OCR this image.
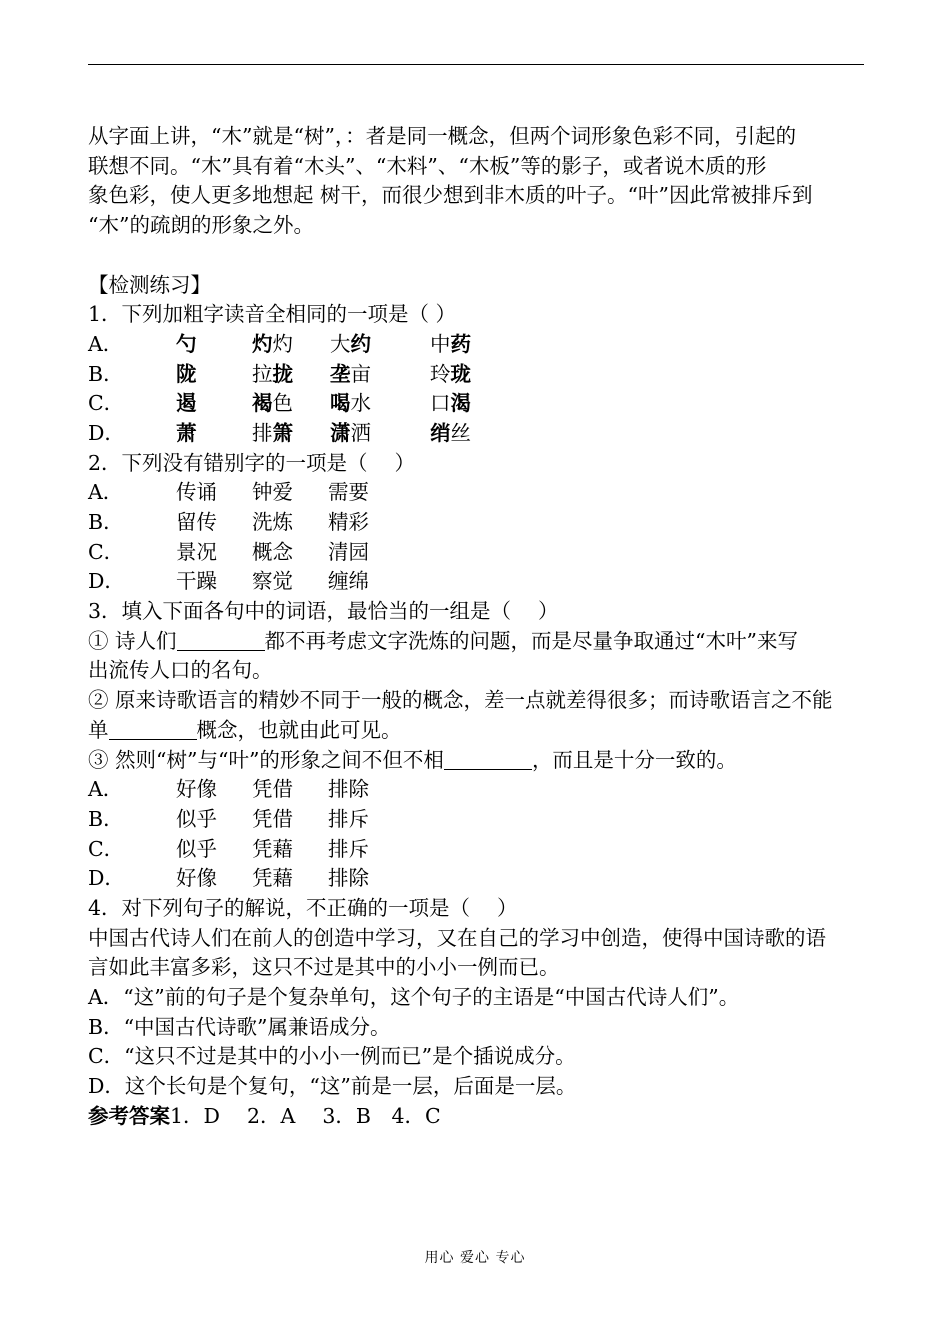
从字面上讲，“木”就是“树”，：者是同一概念，但两个词形象色彩不同，引起的
联想不同。“木”具有着“木头”、“木料”、“木板”等的影子，或者说木质的形
象色彩，使人更多地想起 树干，而很少想到非木质的叶子。“叶”因此常被排斥到
“木”的疏朗的形象之外。
【检测练习】
1．下列加粗字读音全相同的一项是（ ）
A．	勺	灼灼 大约	中药
B．	陇	拉拢 垄亩	玲珑
C．	遏	褐色 喝水	口渴
D． 萧	排箫 潇洒	绡丝
2．下列没有错别字的一项是（　 ）
A．	传诵 钟爱 需要
B．	留传 洗炼 精彩
C．	景况 概念 清园
D． 干躁 察觉 缠绵
3．填入下面各句中的词语，最恰当的一组是（　 ）
① 诗人们	都不再考虑文字洗炼的问题，而是尽量争取通过“木叶”来写
出流传人口的名句。
② 原来诗歌语言的精妙不同于一般的概念，差一点就差得很多；而诗歌语言之不能
单	概念，也就由此可见。
③ 然则“树”与“叶”的形象之间不但不相	，而且是十分一致的。
A．	好像 凭借 排除
B．	似乎 凭借 排斥
C．	似乎 凭藉 排斥
D． 好像 凭藉 排除
4．对下列句子的解说，不正确的一项是（　 ）
中国古代诗人们在前人的创造中学习，又在自己的学习中创造，使得中国诗歌的语
言如此丰富多彩，这只不过是其中的小小一例而已。
A．“这”前的句子是个复杂单句，这个句子的主语是“中国古代诗人们”。
B．“中国古代诗歌”属兼语成分。
C．“这只不过是其中的小小一例而已”是个插说成分。
D．这个长句是个复句，“这”前是一层，后面是一层。
参考答案1．D　 2．A　 3．B　4．C
用心 爱心 专心
